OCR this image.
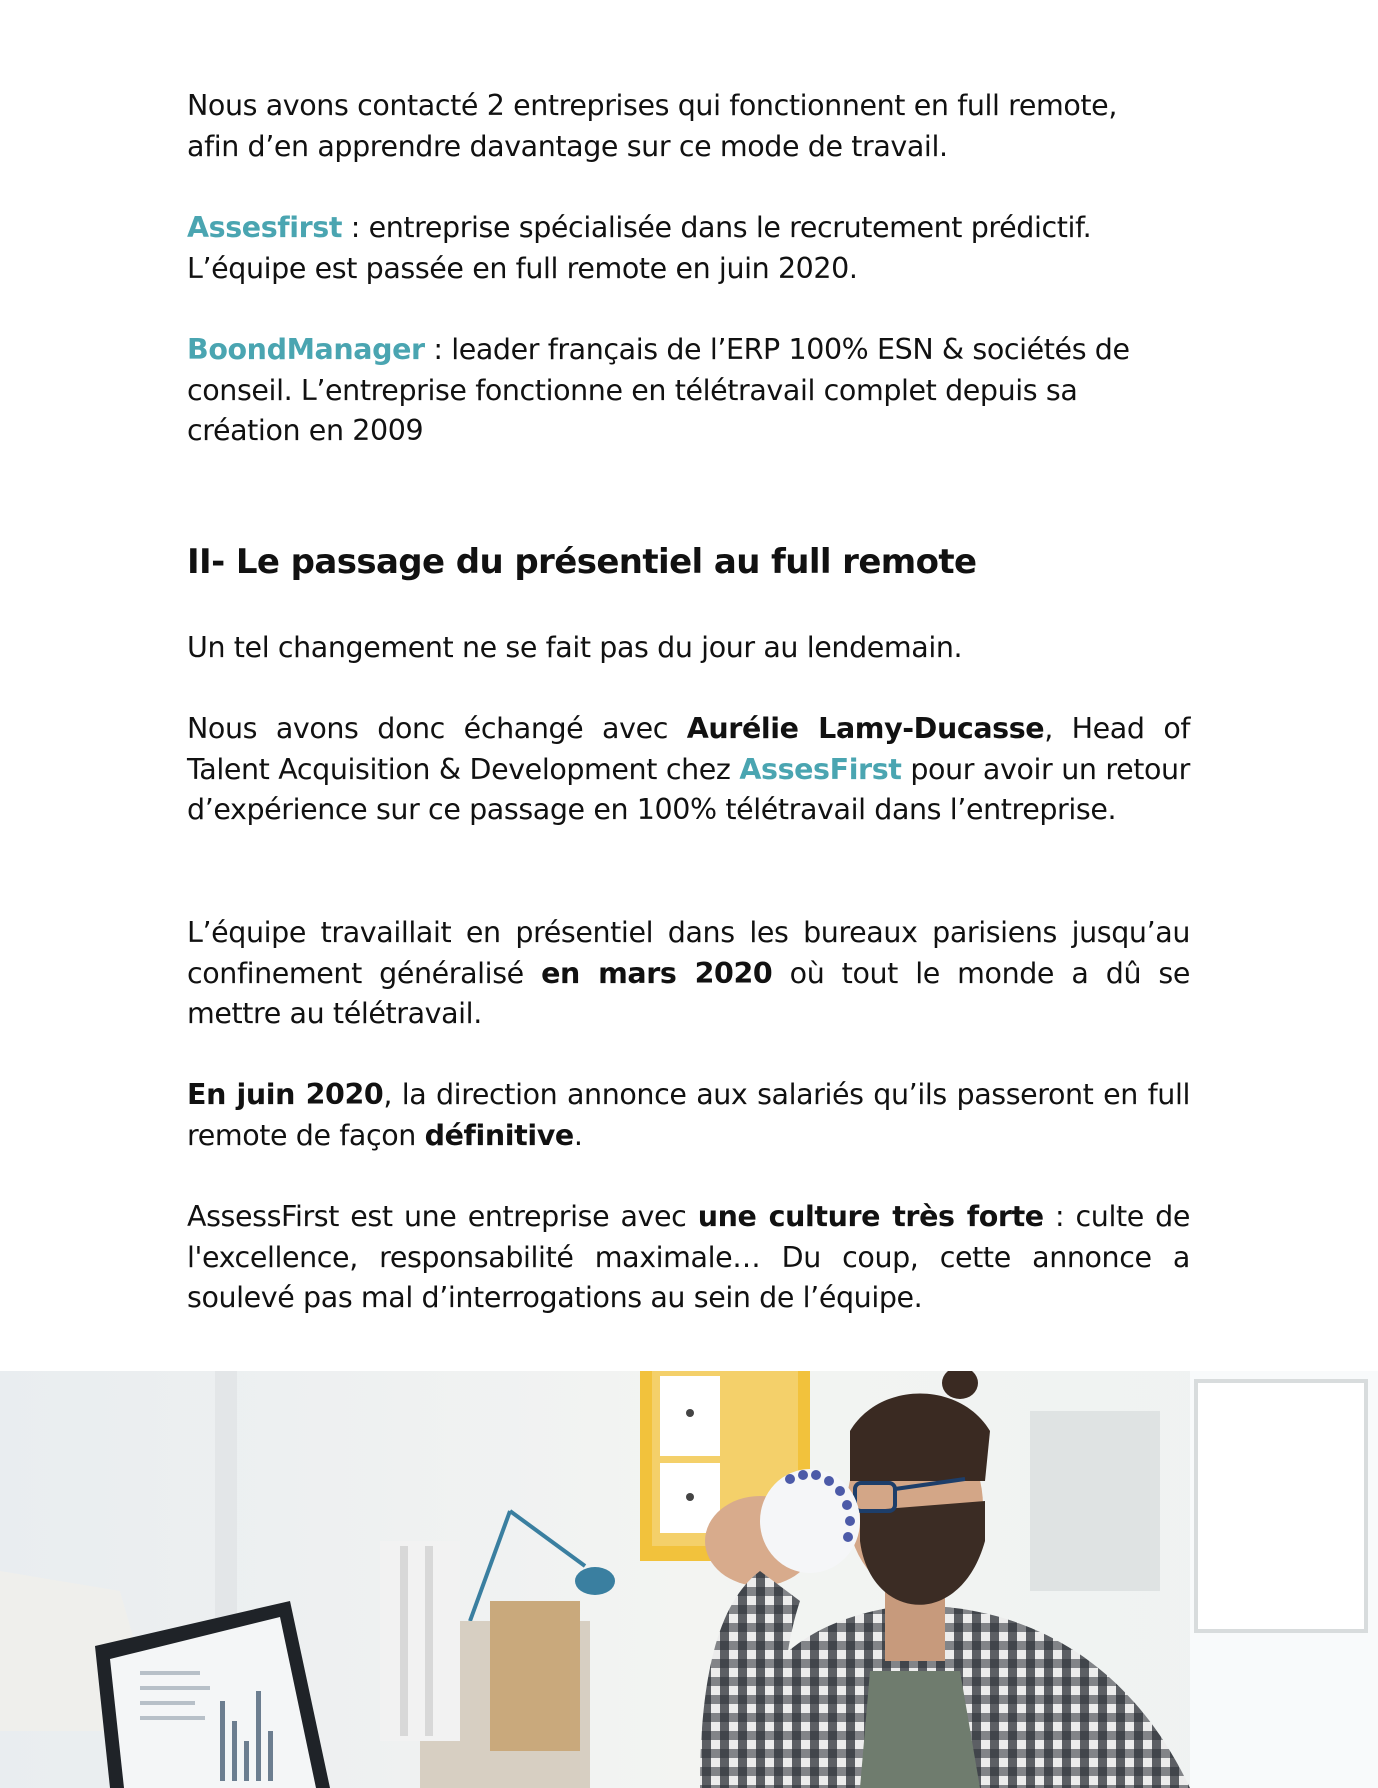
Nous avons contacté 2 entreprises qui fonctionnent en full remote,
afin d’en apprendre davantage sur ce mode de travail.

Assesfirst : entreprise spécialisée dans le recrutement prédictif.
L’équipe est passée en full remote en juin 2020.

BoondManager : leader français de l’ERP 100% ESN & sociétés de
conseil. L’entreprise fonctionne en télétravail complet depuis sa
création en 2009

II- Le passage du présentiel au full remote

Un tel changement ne se fait pas du jour au lendemain.

Nous avons donc échangé avec Aurélie Lamy-Ducasse, Head of Talent Acquisition & Development chez AssesFirst pour avoir un retour d’expérience sur ce passage en 100% télétravail dans l’entreprise.

L’équipe travaillait en présentiel dans les bureaux parisiens jusqu’au confinement généralisé en mars 2020 où tout le monde a dû se mettre au télétravail.

En juin 2020, la direction annonce aux salariés qu’ils passeront en full remote de façon définitive.

AssessFirst est une entreprise avec une culture très forte : culte de l'excellence, responsabilité maximale… Du coup, cette annonce a soulevé pas mal d’interrogations au sein de l’équipe.
